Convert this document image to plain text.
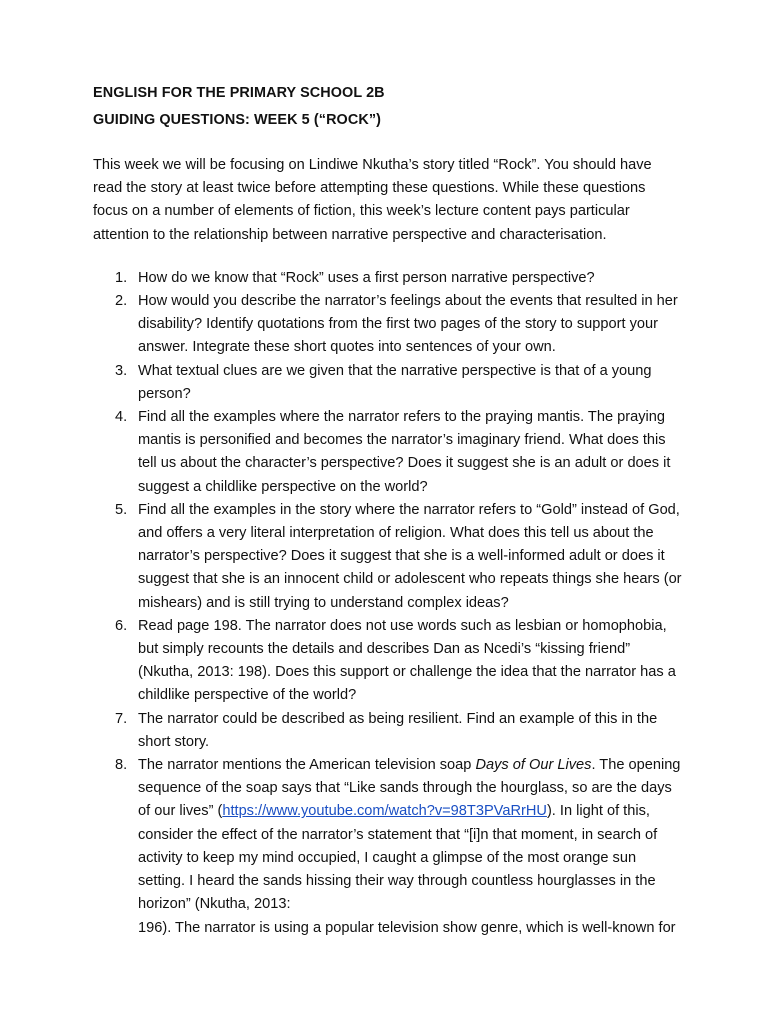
ENGLISH FOR THE PRIMARY SCHOOL 2B

GUIDING QUESTIONS: WEEK 5 (“ROCK”)

This week we will be focusing on Lindiwe Nkutha’s story titled “Rock”. You should have read the story at least twice before attempting these questions. While these questions focus on a number of elements of fiction, this week’s lecture content pays particular attention to the relationship between narrative perspective and characterisation.

1. How do we know that “Rock” uses a first person narrative perspective?
2. How would you describe the narrator’s feelings about the events that resulted in her disability? Identify quotations from the first two pages of the story to support your answer. Integrate these short quotes into sentences of your own.
3. What textual clues are we given that the narrative perspective is that of a young person?
4. Find all the examples where the narrator refers to the praying mantis. The praying mantis is personified and becomes the narrator’s imaginary friend. What does this tell us about the character’s perspective? Does it suggest she is an adult or does it suggest a childlike perspective on the world?
5. Find all the examples in the story where the narrator refers to “Gold” instead of God, and offers a very literal interpretation of religion. What does this tell us about the narrator’s perspective? Does it suggest that she is a well-informed adult or does it suggest that she is an innocent child or adolescent who repeats things she hears (or mishears) and is still trying to understand complex ideas?
6. Read page 198. The narrator does not use words such as lesbian or homophobia, but simply recounts the details and describes Dan as Ncedi’s “kissing friend” (Nkutha, 2013: 198). Does this support or challenge the idea that the narrator has a childlike perspective of the world?
7. The narrator could be described as being resilient. Find an example of this in the short story.
8. The narrator mentions the American television soap Days of Our Lives. The opening sequence of the soap says that “Like sands through the hourglass, so are the days of our lives” (https://www.youtube.com/watch?v=98T3PVaRrHU). In light of this, consider the effect of the narrator’s statement that “[i]n that moment, in search of activity to keep my mind occupied, I caught a glimpse of the most orange sun setting. I heard the sands hissing their way through countless hourglasses in the horizon” (Nkutha, 2013:
196). The narrator is using a popular television show genre, which is well-known for
